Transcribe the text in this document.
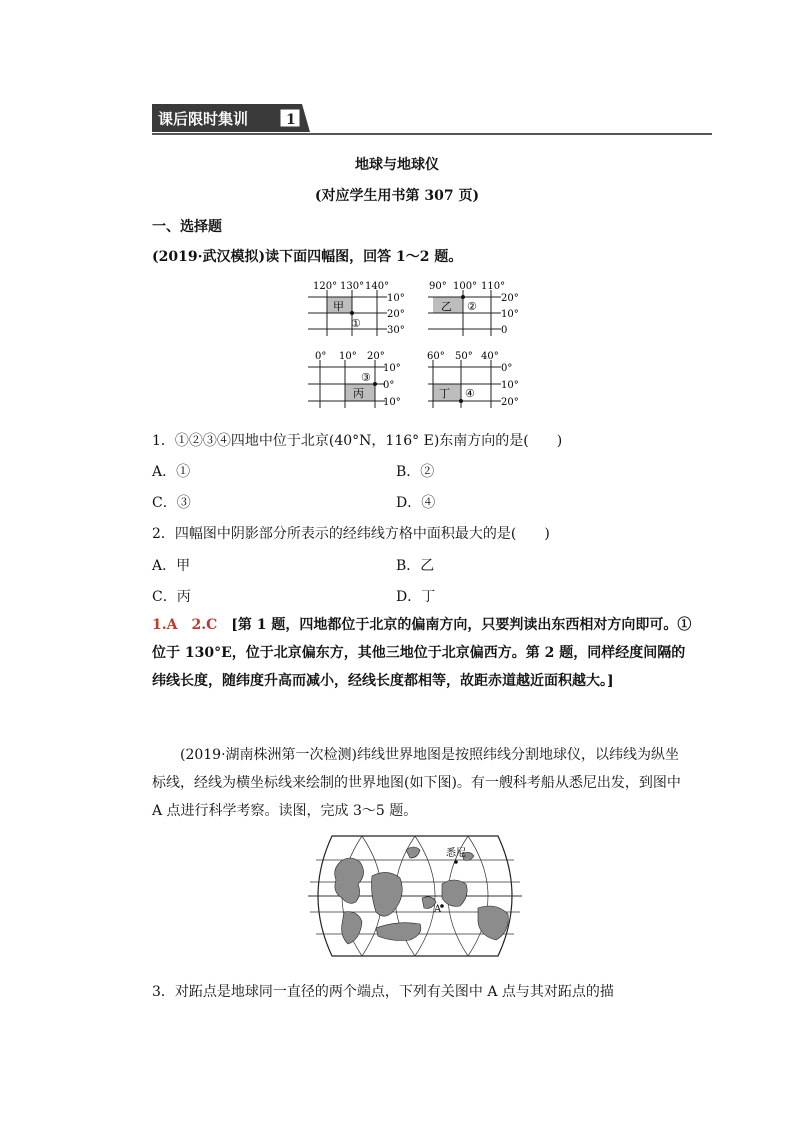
课后限时集训	1
地球与地球仪
(对应学生用书第 307 页)
一、选择题
(2019·武汉模拟)读下面四幅图，回答 1～2 题。
120° 130° 140°
10°
20°
30°
甲
①
90° 100° 110°
20°
10°
0
乙 ②
0° 10° 20°
10°
0°
10°
丙
③
60° 50° 40°
0°
10°
20°
丁 ④
1．①②③④四地中位于北京(40°N，116° E)东南方向的是(　　)
A．①	B．②
C．③	D．④
2．四幅图中阴影部分所表示的经纬线方格中面积最大的是(　　)
A．甲	B．乙
C．丙	D．丁
1.A　2.C　[第 1 题，四地都位于北京的偏南方向，只要判读出东西相对方向即可。①位于 130°E，位于北京偏东方，其他三地位于北京偏西方。第 2 题，同样经度间隔的纬线长度，随纬度升高而减小，经线长度都相等，故距赤道越近面积越大。]
(2019·湖南株洲第一次检测)纬线世界地图是按照纬线分割地球仪，以纬线为纵坐标线，经线为横坐标线来绘制的世界地图(如下图)。有一艘科考船从悉尼出发，到图中 A 点进行科学考察。读图，完成 3～5 题。
悉尼
A
3．对跖点是地球同一直径的两个端点，下列有关图中 A 点与其对跖点的描
